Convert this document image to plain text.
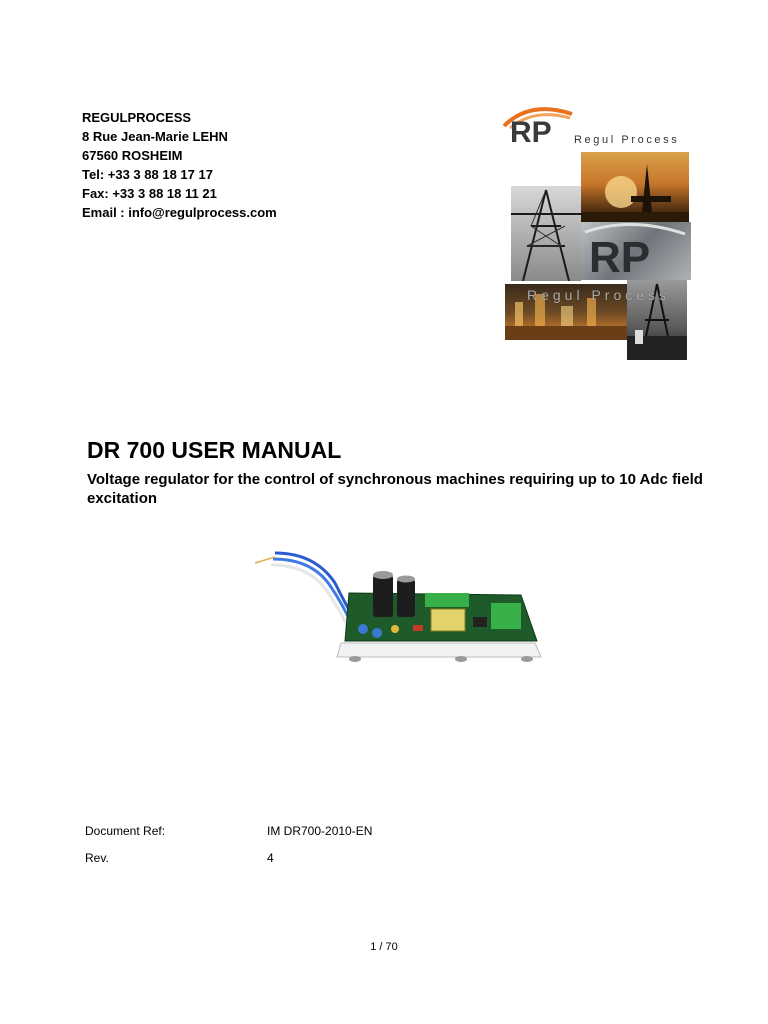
REGULPROCESS
8 Rue Jean-Marie LEHN
67560 ROSHEIM
Tel: +33 3 88 18 17 17
Fax: +33 3 88 18 11 21
Email : info@regulprocess.com
RP Regul Process
RP
Regul Process
DR 700 USER MANUAL
Voltage regulator for the control of synchronous machines requiring up to 10 Adc field excitation
Document Ref:	IM DR700-2010-EN
Rev.	4
1 / 70
